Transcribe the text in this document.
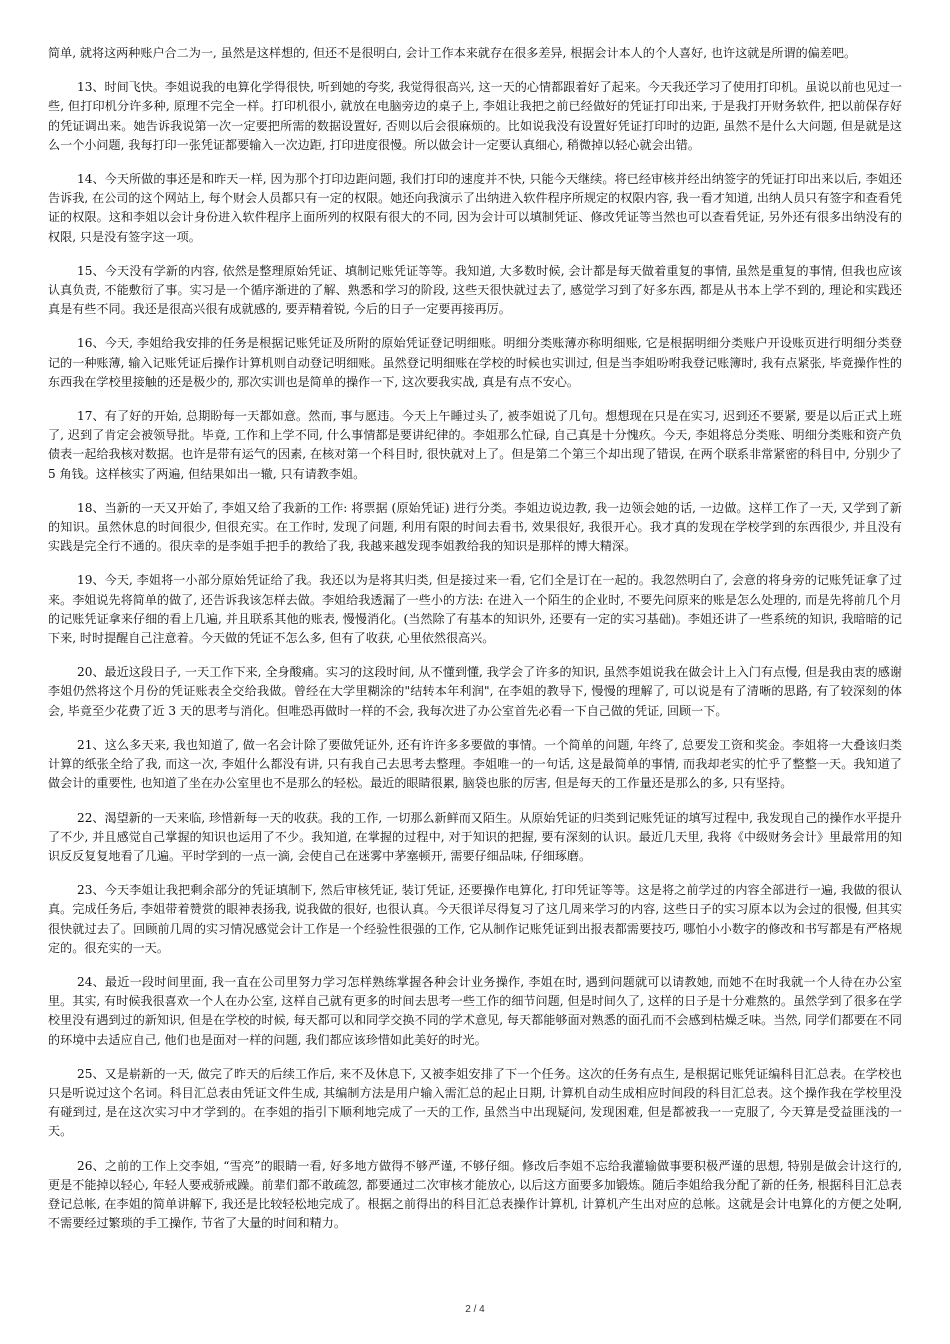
简单, 就将这两种账户合二为一, 虽然是这样想的, 但还不是很明白, 会计工作本来就存在很多差异, 根据会计本人的个人喜好, 也许这就是所谓的偏差吧。

13、时间飞快。李姐说我的电算化学得很快, 听到她的夸奖, 我觉得很高兴, 这一天的心情都跟着好了起来。今天我还学习了使用打印机。虽说以前也见过一些, 但打印机分许多种, 原理不完全一样。打印机很小, 就放在电脑旁边的桌子上, 李姐让我把之前已经做好的凭证打印出来, 于是我打开财务软件, 把以前保存好的凭证调出来。她告诉我说第一次一定要把所需的数据设置好, 否则以后会很麻烦的。比如说我没有设置好凭证打印时的边距, 虽然不是什么大问题, 但是就是这么一个小问题, 我每打印一张凭证都要输入一次边距, 打印进度很慢。所以做会计一定要认真细心, 稍微掉以轻心就会出错。

14、今天所做的事还是和昨天一样, 因为那个打印边距问题, 我们打印的速度并不快, 只能今天继续。将已经审核并经出纳签字的凭证打印出来以后, 李姐还告诉我, 在公司的这个网站上, 每个财会人员都只有一定的权限。她还向我演示了出纳进入软件程序所规定的权限内容, 我一看才知道, 出纳人员只有签字和查看凭证的权限。这和李姐以会计身份进入软件程序上面所列的权限有很大的不同, 因为会计可以填制凭证、修改凭证等当然也可以查看凭证, 另外还有很多出纳没有的权限, 只是没有签字这一项。

15、今天没有学新的内容, 依然是整理原始凭证、填制记账凭证等等。我知道, 大多数时候, 会计都是每天做着重复的事情, 虽然是重复的事情, 但我也应该认真负责, 不能敷衍了事。实习是一个循序渐进的了解、熟悉和学习的阶段, 这些天很快就过去了, 感觉学习到了好多东西, 都是从书本上学不到的, 理论和实践还真是有些不同。我还是很高兴很有成就感的, 要弄精着锐, 今后的日子一定要再接再厉。

16、今天, 李姐给我安排的任务是根据记账凭证及所附的原始凭证登记明细账。明细分类账薄亦称明细账, 它是根据明细分类账户开设账页进行明细分类登记的一种账薄, 输入记账凭证后操作计算机则自动登记明细账。虽然登记明细账在学校的时候也实训过, 但是当李姐吩咐我登记账簿时, 我有点紧张, 毕竟操作性的东西我在学校里接触的还是极少的, 那次实训也是简单的操作一下, 这次要我实战, 真是有点不安心。

17、有了好的开始, 总期盼每一天都如意。然而, 事与愿违。今天上午睡过头了, 被李姐说了几句。想想现在只是在实习, 迟到还不要紧, 要是以后正式上班了, 迟到了肯定会被领导批。毕竟, 工作和上学不同, 什么事情都是要讲纪律的。李姐那么忙碌, 自己真是十分愧疚。今天, 李姐将总分类账、明细分类账和资产负债表一起给我核对数据。也许是带有运气的因素, 在核对第一个科目时, 很快就对上了。但是第二个第三个却出现了错误, 在两个联系非常紧密的科目中, 分别少了 5 角钱。这样核实了两遍, 但结果如出一辙, 只有请教李姐。

18、当新的一天又开始了, 李姐又给了我新的工作: 将票据 (原始凭证) 进行分类。李姐边说边教, 我一边领会她的话, 一边做。这样工作了一天, 又学到了新的知识。虽然休息的时间很少, 但很充实。在工作时, 发现了问题, 利用有限的时间去看书, 效果很好, 我很开心。我才真的发现在学校学到的东西很少, 并且没有实践是完全行不通的。很庆幸的是李姐手把手的教给了我, 我越来越发现李姐教给我的知识是那样的博大精深。

19、今天, 李姐将一小部分原始凭证给了我。我还以为是将其归类, 但是接过来一看, 它们全是订在一起的。我忽然明白了, 会意的将身旁的记账凭证拿了过来。李姐说先将简单的做了, 还告诉我该怎样去做。李姐给我透漏了一些小的方法: 在进入一个陌生的企业时, 不要先问原来的账是怎么处理的, 而是先将前几个月的记账凭证拿来仔细的看上几遍, 并且联系其他的账表, 慢慢消化。(当然除了有基本的知识外, 还要有一定的实习基础)。李姐还讲了一些系统的知识, 我暗暗的记下来, 时时提醒自己注意着。今天做的凭证不怎么多, 但有了收获, 心里依然很高兴。

20、最近这段日子, 一天工作下来, 全身酸痛。实习的这段时间, 从不懂到懂, 我学会了许多的知识, 虽然李姐说我在做会计上入门有点慢, 但是我由衷的感谢李姐仍然将这个月份的凭证账表全交给我做。曾经在大学里糊涂的"结转本年利润", 在李姐的教导下, 慢慢的理解了, 可以说是有了清晰的思路, 有了较深刻的体会, 毕竟至少花费了近 3 天的思考与消化。但唯恐再做时一样的不会, 我每次进了办公室首先必看一下自己做的凭证, 回顾一下。

21、这么多天来, 我也知道了, 做一名会计除了要做凭证外, 还有许许多多要做的事情。一个简单的问题, 年终了, 总要发工资和奖金。李姐将一大叠该归类计算的纸张全给了我, 而这一次, 李姐什么都没有讲, 只有我自己去思考去整理。李姐唯一的一句话, 这是最简单的事情, 而我却老实的忙乎了整整一天。我知道了做会计的重要性, 也知道了坐在办公室里也不是那么的轻松。最近的眼睛很累, 脑袋也胀的厉害, 但是每天的工作量还是那么的多, 只有坚持。

22、渴望新的一天来临, 珍惜新每一天的收获。我的工作, 一切那么新鲜而又陌生。从原始凭证的归类到记账凭证的填写过程中, 我发现自己的操作水平提升了不少, 并且感觉自己掌握的知识也运用了不少。我知道, 在掌握的过程中, 对于知识的把握, 要有深刻的认识。最近几天里, 我将《中级财务会计》里最常用的知识反反复复地看了几遍。平时学到的一点一滴, 会使自己在迷雾中茅塞顿开, 需要仔细品味, 仔细琢磨。

23、今天李姐让我把剩余部分的凭证填制下, 然后审核凭证, 装订凭证, 还要操作电算化, 打印凭证等等。这是将之前学过的内容全部进行一遍, 我做的很认真。完成任务后, 李姐带着赞赏的眼神表扬我, 说我做的很好, 也很认真。今天很详尽得复习了这几周来学习的内容, 这些日子的实习原本以为会过的很慢, 但其实很快就过去了。回顾前几周的实习情况感觉会计工作是一个经验性很强的工作, 它从制作记账凭证到出报表都需要技巧, 哪怕小小数字的修改和书写都是有严格规定的。很充实的一天。

24、最近一段时间里面, 我一直在公司里努力学习怎样熟练掌握各种会计业务操作, 李姐在时, 遇到问题就可以请教她, 而她不在时我就一个人待在办公室里。其实, 有时候我很喜欢一个人在办公室, 这样自己就有更多的时间去思考一些工作的细节问题, 但是时间久了, 这样的日子是十分难熬的。虽然学到了很多在学校里没有遇到过的新知识, 但是在学校的时候, 每天都可以和同学交换不同的学术意见, 每天都能够面对熟悉的面孔而不会感到枯燥乏味。当然, 同学们都要在不同的环境中去适应自己, 他们也是面对一样的问题, 我们都应该珍惜如此美好的时光。

25、又是崭新的一天, 做完了昨天的后续工作后, 来不及休息下, 又被李姐安排了下一个任务。这次的任务有点生, 是根据记账凭证编科目汇总表。在学校也只是听说过这个名词。科目汇总表由凭证文件生成, 其编制方法是用户输入需汇总的起止日期, 计算机自动生成相应时间段的科目汇总表。这个操作我在学校里没有碰到过, 是在这次实习中才学到的。在李姐的指引下顺利地完成了一天的工作, 虽然当中出现疑问, 发现困难, 但是都被我一一克服了, 今天算是受益匪浅的一天。

26、之前的工作上交李姐, “雪亮”的眼睛一看, 好多地方做得不够严谨, 不够仔细。修改后李姐不忘给我灌输做事要积极严谨的思想, 特别是做会计这行的, 更是不能掉以轻心, 年轻人要戒骄戒躁。前辈们都不敢疏忽, 都要通过二次审核才能放心, 以后这方面要多加锻炼。随后李姐给我分配了新的任务, 根据科目汇总表登记总帐, 在李姐的简单讲解下, 我还是比较轻松地完成了。根据之前得出的科目汇总表操作计算机, 计算机产生出对应的总帐。这就是会计电算化的方便之处啊, 不需要经过繁琐的手工操作, 节省了大量的时间和精力。

2 / 4
